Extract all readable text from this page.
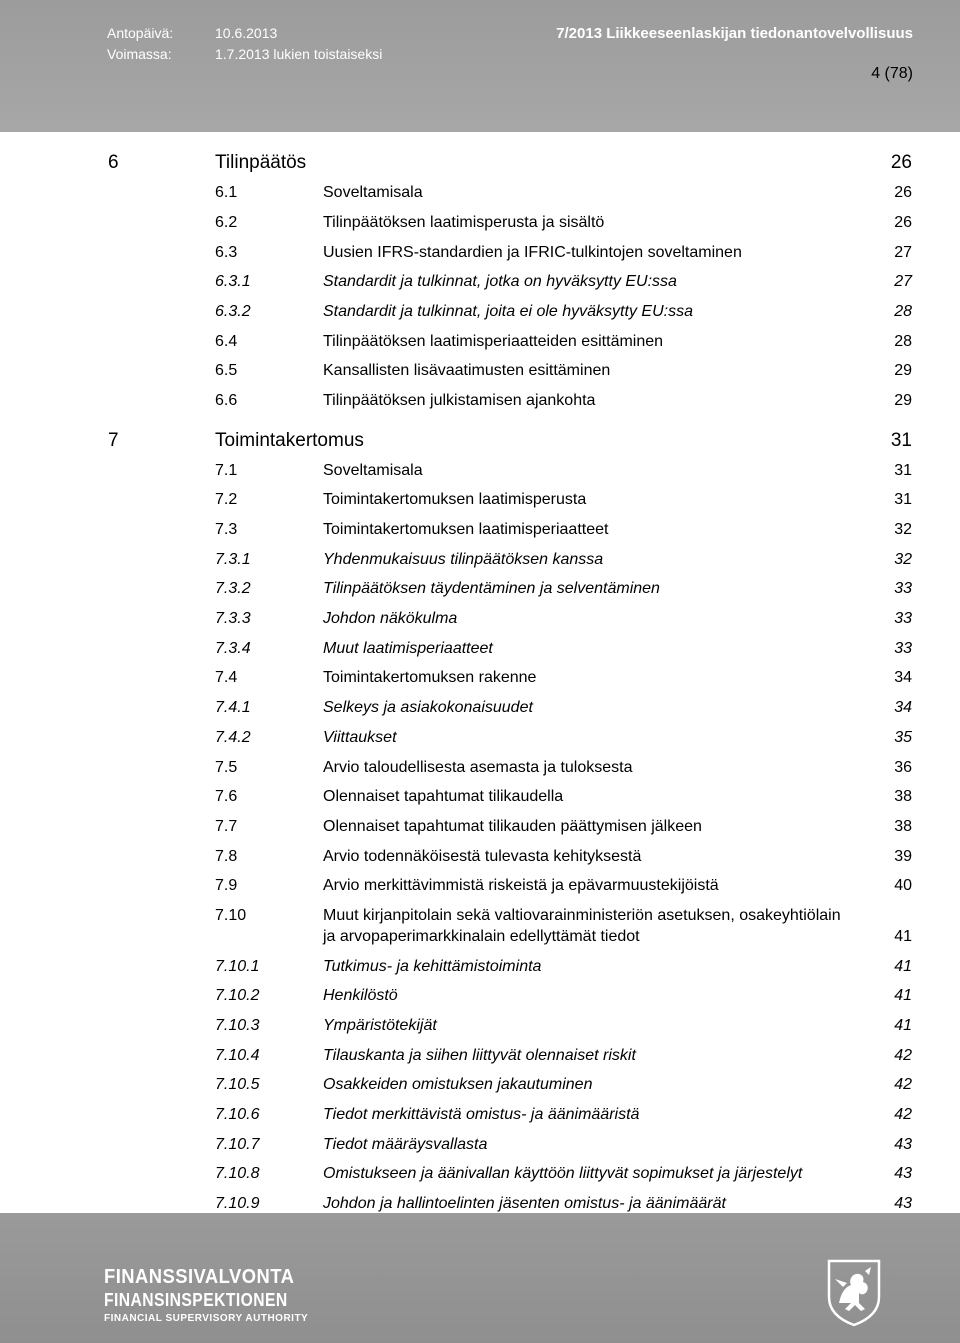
Antopäivä:	10.6.2013
Voimassa:	1.7.2013 lukien toistaiseksi
7/2013 Liikkeeseenlaskijan tiedonantovelvollisuus
4 (78)
6	Tilinpäätös	26
6.1	Soveltamisala	26
6.2	Tilinpäätöksen laatimisperusta ja sisältö	26
6.3	Uusien IFRS-standardien ja IFRIC-tulkintojen soveltaminen	27
6.3.1	Standardit ja tulkinnat, jotka on hyväksytty EU:ssa	27
6.3.2	Standardit ja tulkinnat, joita ei ole hyväksytty EU:ssa	28
6.4	Tilinpäätöksen laatimisperiaatteiden esittäminen	28
6.5	Kansallisten lisävaatimusten esittäminen	29
6.6	Tilinpäätöksen julkistamisen ajankohta	29
7	Toimintakertomus	31
7.1	Soveltamisala	31
7.2	Toimintakertomuksen laatimisperusta	31
7.3	Toimintakertomuksen laatimisperiaatteet	32
7.3.1	Yhdenmukaisuus tilinpäätöksen kanssa	32
7.3.2	Tilinpäätöksen täydentäminen ja selventäminen	33
7.3.3	Johdon näkökulma	33
7.3.4	Muut laatimisperiaatteet	33
7.4	Toimintakertomuksen rakenne	34
7.4.1	Selkeys ja asiakokonaisuudet	34
7.4.2	Viittaukset	35
7.5	Arvio taloudellisesta asemasta ja tuloksesta	36
7.6	Olennaiset tapahtumat tilikaudella	38
7.7	Olennaiset tapahtumat tilikauden päättymisen jälkeen	38
7.8	Arvio todennäköisestä tulevasta kehityksestä	39
7.9	Arvio merkittävimmistä riskeistä ja epävarmuustekijöistä	40
7.10	Muut kirjanpitolain sekä valtiovarainministeriön asetuksen, osakeyhtiölain
ja arvopaperimarkkinalain edellyttämät tiedot	41
7.10.1	Tutkimus- ja kehittämistoiminta	41
7.10.2	Henkilöstö	41
7.10.3	Ympäristötekijät	41
7.10.4	Tilauskanta ja siihen liittyvät olennaiset riskit	42
7.10.5	Osakkeiden omistuksen jakautuminen	42
7.10.6	Tiedot merkittävistä omistus- ja äänimääristä	42
7.10.7	Tiedot määräysvallasta	43
7.10.8	Omistukseen ja äänivallan käyttöön liittyvät sopimukset ja järjestelyt	43
7.10.9	Johdon ja hallintoelinten jäsenten omistus- ja äänimäärät	43
FINANSSIVALVONTA
FINANSINSPEKTIONEN
FINANCIAL SUPERVISORY AUTHORITY
